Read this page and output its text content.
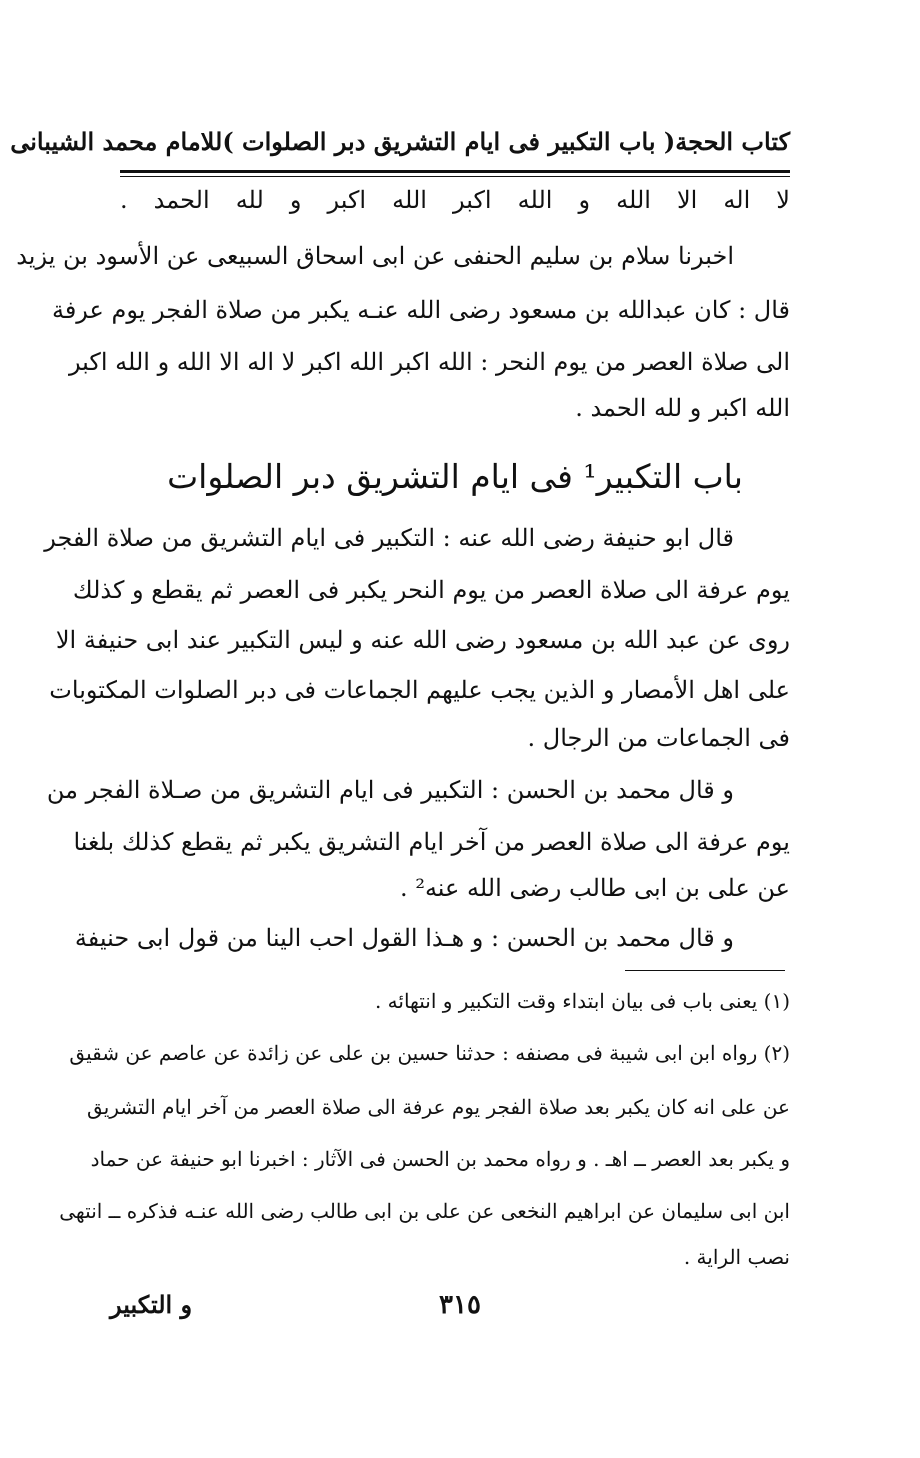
كتاب الحجة
( باب التكبير فى ايام التشريق دبر الصلوات )
للامام محمد الشيبانى
لا اله الا الله و الله اكبر الله اكبر و لله الحمد .
اخبرنا سلام بن سليم الحنفى عن ابى اسحاق السبيعى عن الأسود بن يزيد
قال : كان عبدالله بن مسعود رضى الله عنـه يكبر من صلاة الفجر يوم عرفة
الى صلاة العصر من يوم النحر : الله اكبر الله اكبر لا اله الا الله و الله اكبر
الله اكبر و لله الحمد .
باب التكبير¹ فى ايام التشريق دبر الصلوات
قال ابو حنيفة رضى الله عنه : التكبير فى ايام التشريق من صلاة الفجر
يوم عرفة الى صلاة العصر من يوم النحر يكبر فى العصر ثم يقطع و كذلك
روى عن عبد الله بن مسعود رضى الله عنه و ليس التكبير عند ابى حنيفة الا
على اهل الأمصار و الذين يجب عليهم الجماعات فى دبر الصلوات المكتوبات
فى الجماعات من الرجال .
و قال محمد بن الحسن : التكبير فى ايام التشريق من صـلاة الفجر من
يوم عرفة الى صلاة العصر من آخر ايام التشريق يكبر ثم يقطع كذلك بلغنا
عن على بن ابى طالب رضى الله عنه² .
و قال محمد بن الحسن : و هـذا القول احب الينا من قول ابى حنيفة
(١) يعنى باب فى بيان ابتداء وقت التكبير و انتهائه .
(٢) رواه ابن ابى شيبة فى مصنفه : حدثنا حسين بن على عن زائدة عن عاصم عن شقيق
عن على انه كان يكبر بعد صلاة الفجر يوم عرفة الى صلاة العصر من آخر ايام التشريق
و يكبر بعد العصر ــ اهـ . و رواه محمد بن الحسن فى الآثار : اخبرنا ابو حنيفة عن حماد
ابن ابى سليمان عن ابراهيم النخعى عن على بن ابى طالب رضى الله عنـه فذكره ــ انتهى
نصب الراية .
٣١٥
و التكبير
